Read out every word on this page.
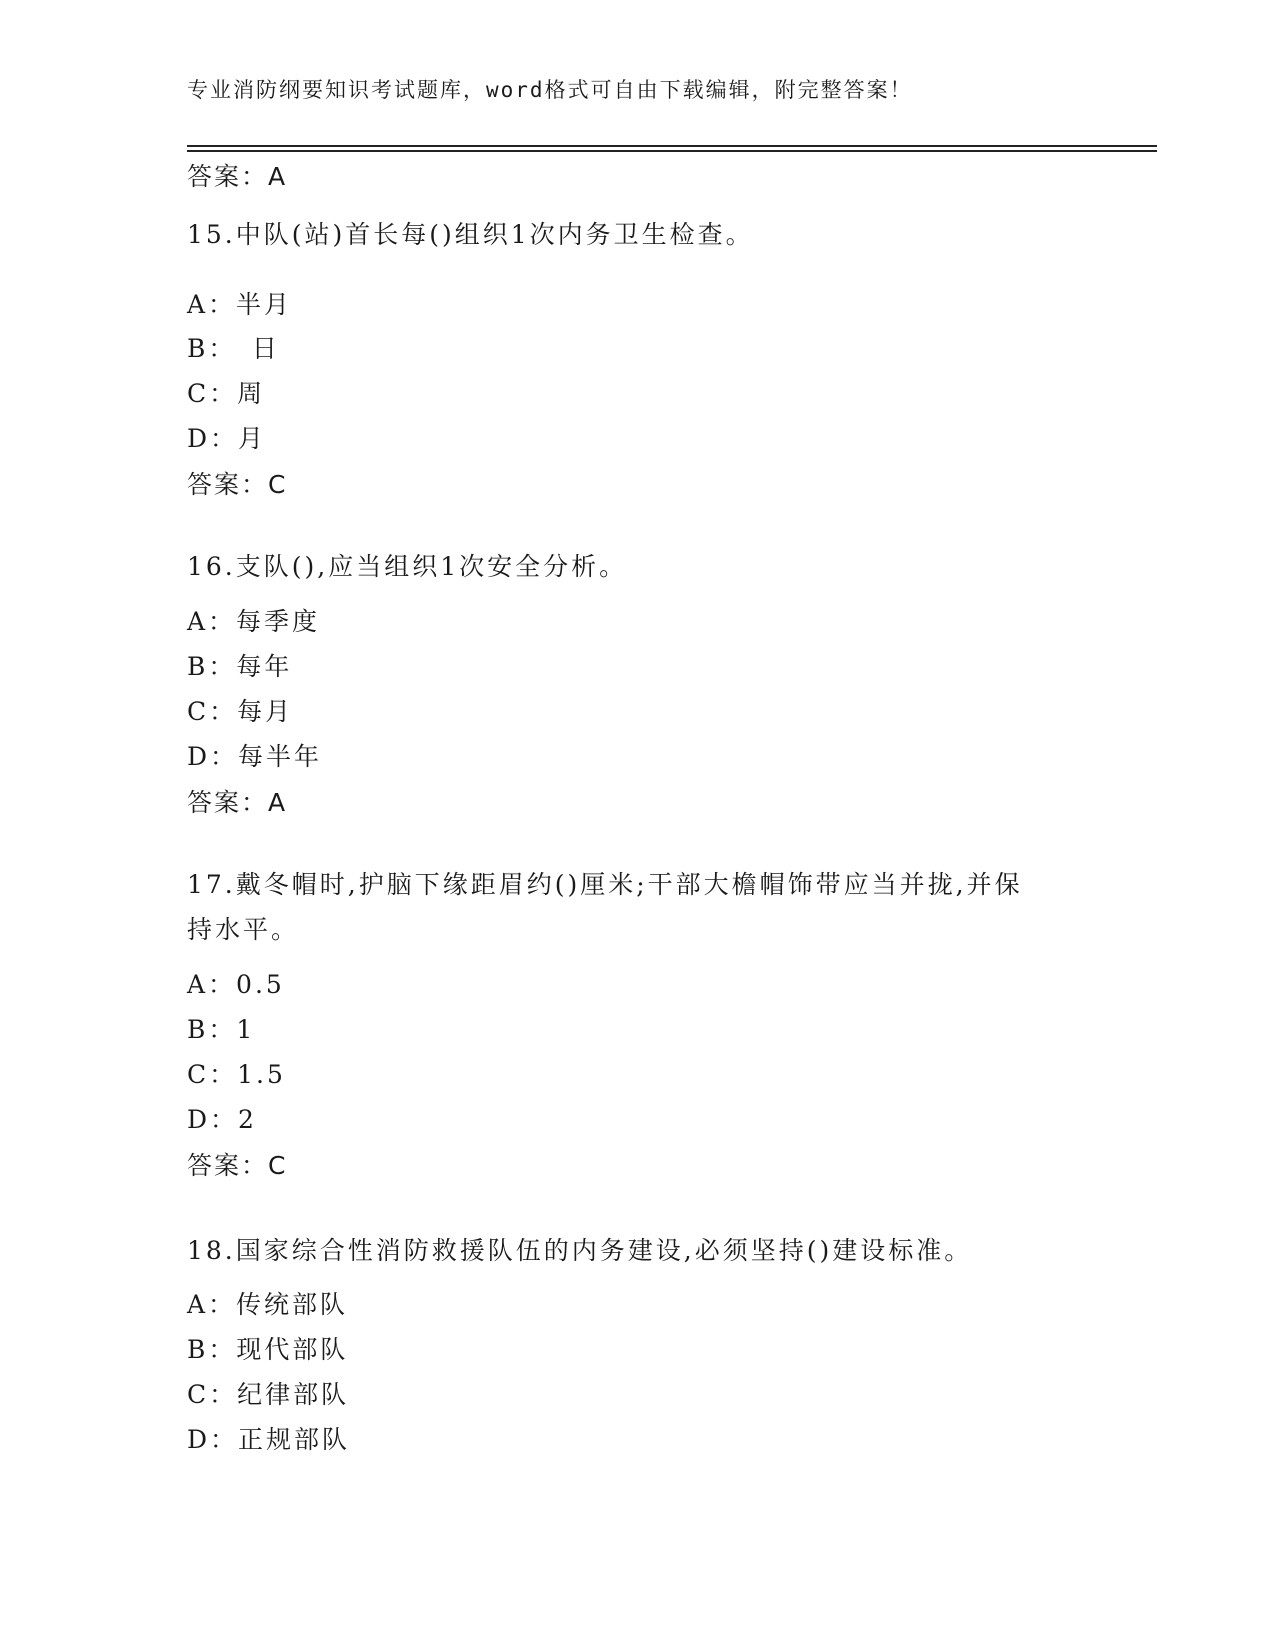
专业消防纲要知识考试题库，word格式可自由下载编辑，附完整答案！
答案：A
15.中队(站)首长每()组织1次内务卫生检查。
A：半月
B：　日
C：周
D：月
答案：C
16.支队(),应当组织1次安全分析。
A：每季度
B：每年
C：每月
D：每半年
答案：A
17.戴冬帽时,护脑下缘距眉约()厘米;干部大檐帽饰带应当并拢,并保
持水平。
A：0.5
B：1
C：1.5
D：2
答案：C
18.国家综合性消防救援队伍的内务建设,必须坚持()建设标准。
A：传统部队
B：现代部队
C：纪律部队
D：正规部队
